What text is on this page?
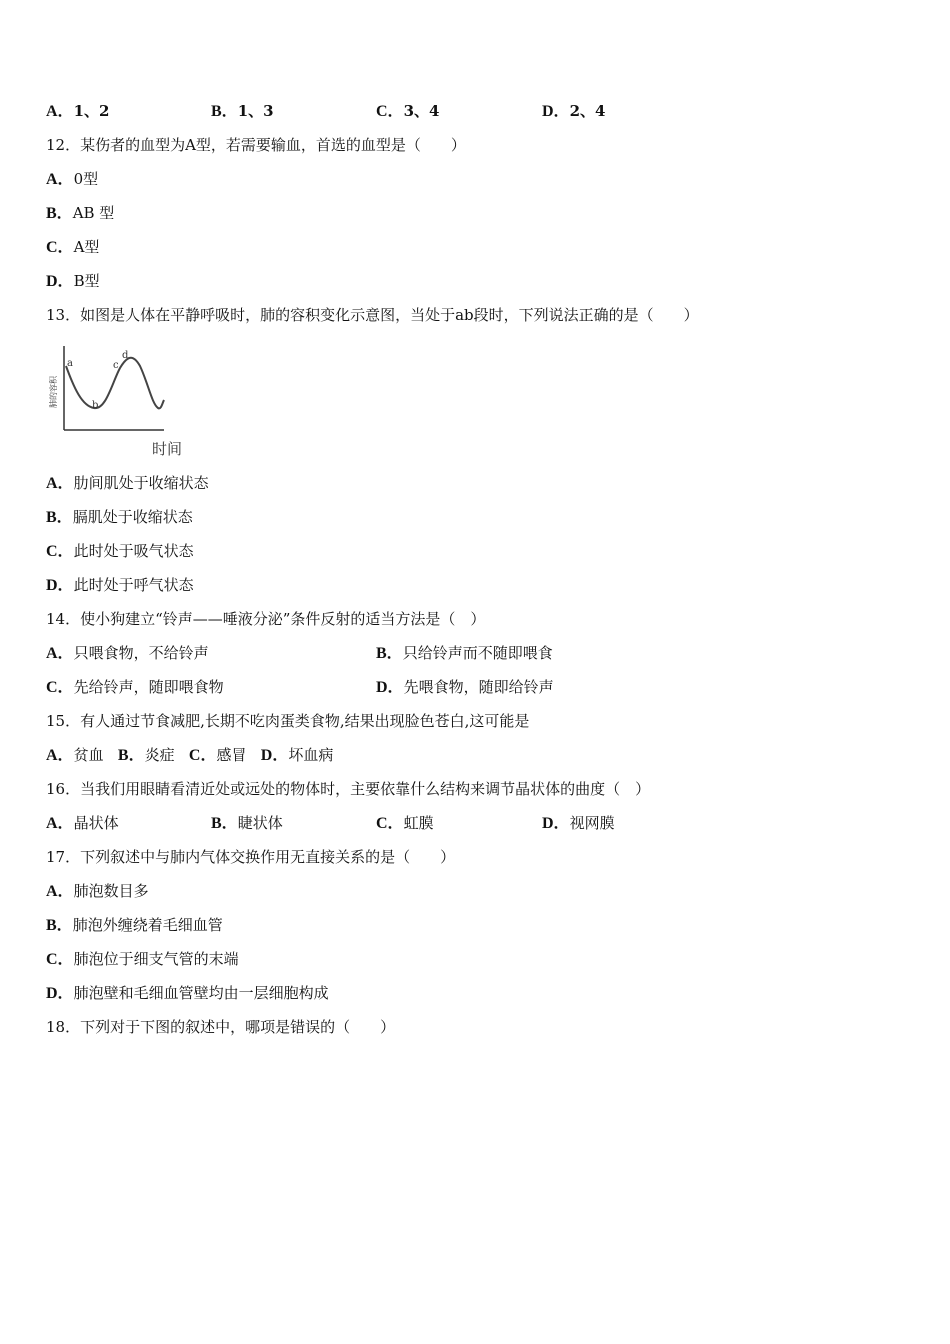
A．1、2	B．1、3	C．3、4	D．2、4
12．某伤者的血型为A型，若需要输血，首选的血型是（　　）
A．0型
B．AB 型
C．A型
D．B型
13．如图是人体在平静呼吸时，肺的容积变化示意图，当处于ab段时，下列说法正确的是（　　）
a
b
c
d
肺的容积
时间
A．肋间肌处于收缩状态
B．膈肌处于收缩状态
C．此时处于吸气状态
D．此时处于呼气状态
14．使小狗建立“铃声——唾液分泌”条件反射的适当方法是（　）
A．只喂食物，不给铃声	B．只给铃声而不随即喂食
C．先给铃声，随即喂食物	D．先喂食物，随即给铃声
15．有人通过节食减肥,长期不吃肉蛋类食物,结果出现脸色苍白,这可能是
A．贫血 B．炎症 C．感冒 D．坏血病
16．当我们用眼睛看清近处或远处的物体时，主要依靠什么结构来调节晶状体的曲度（　）
A．晶状体	B．睫状体	C．虹膜	D．视网膜
17．下列叙述中与肺内气体交换作用无直接关系的是（　　）
A．肺泡数目多
B．肺泡外缠绕着毛细血管
C．肺泡位于细支气管的末端
D．肺泡壁和毛细血管壁均由一层细胞构成
18．下列对于下图的叙述中，哪项是错误的（　　）
